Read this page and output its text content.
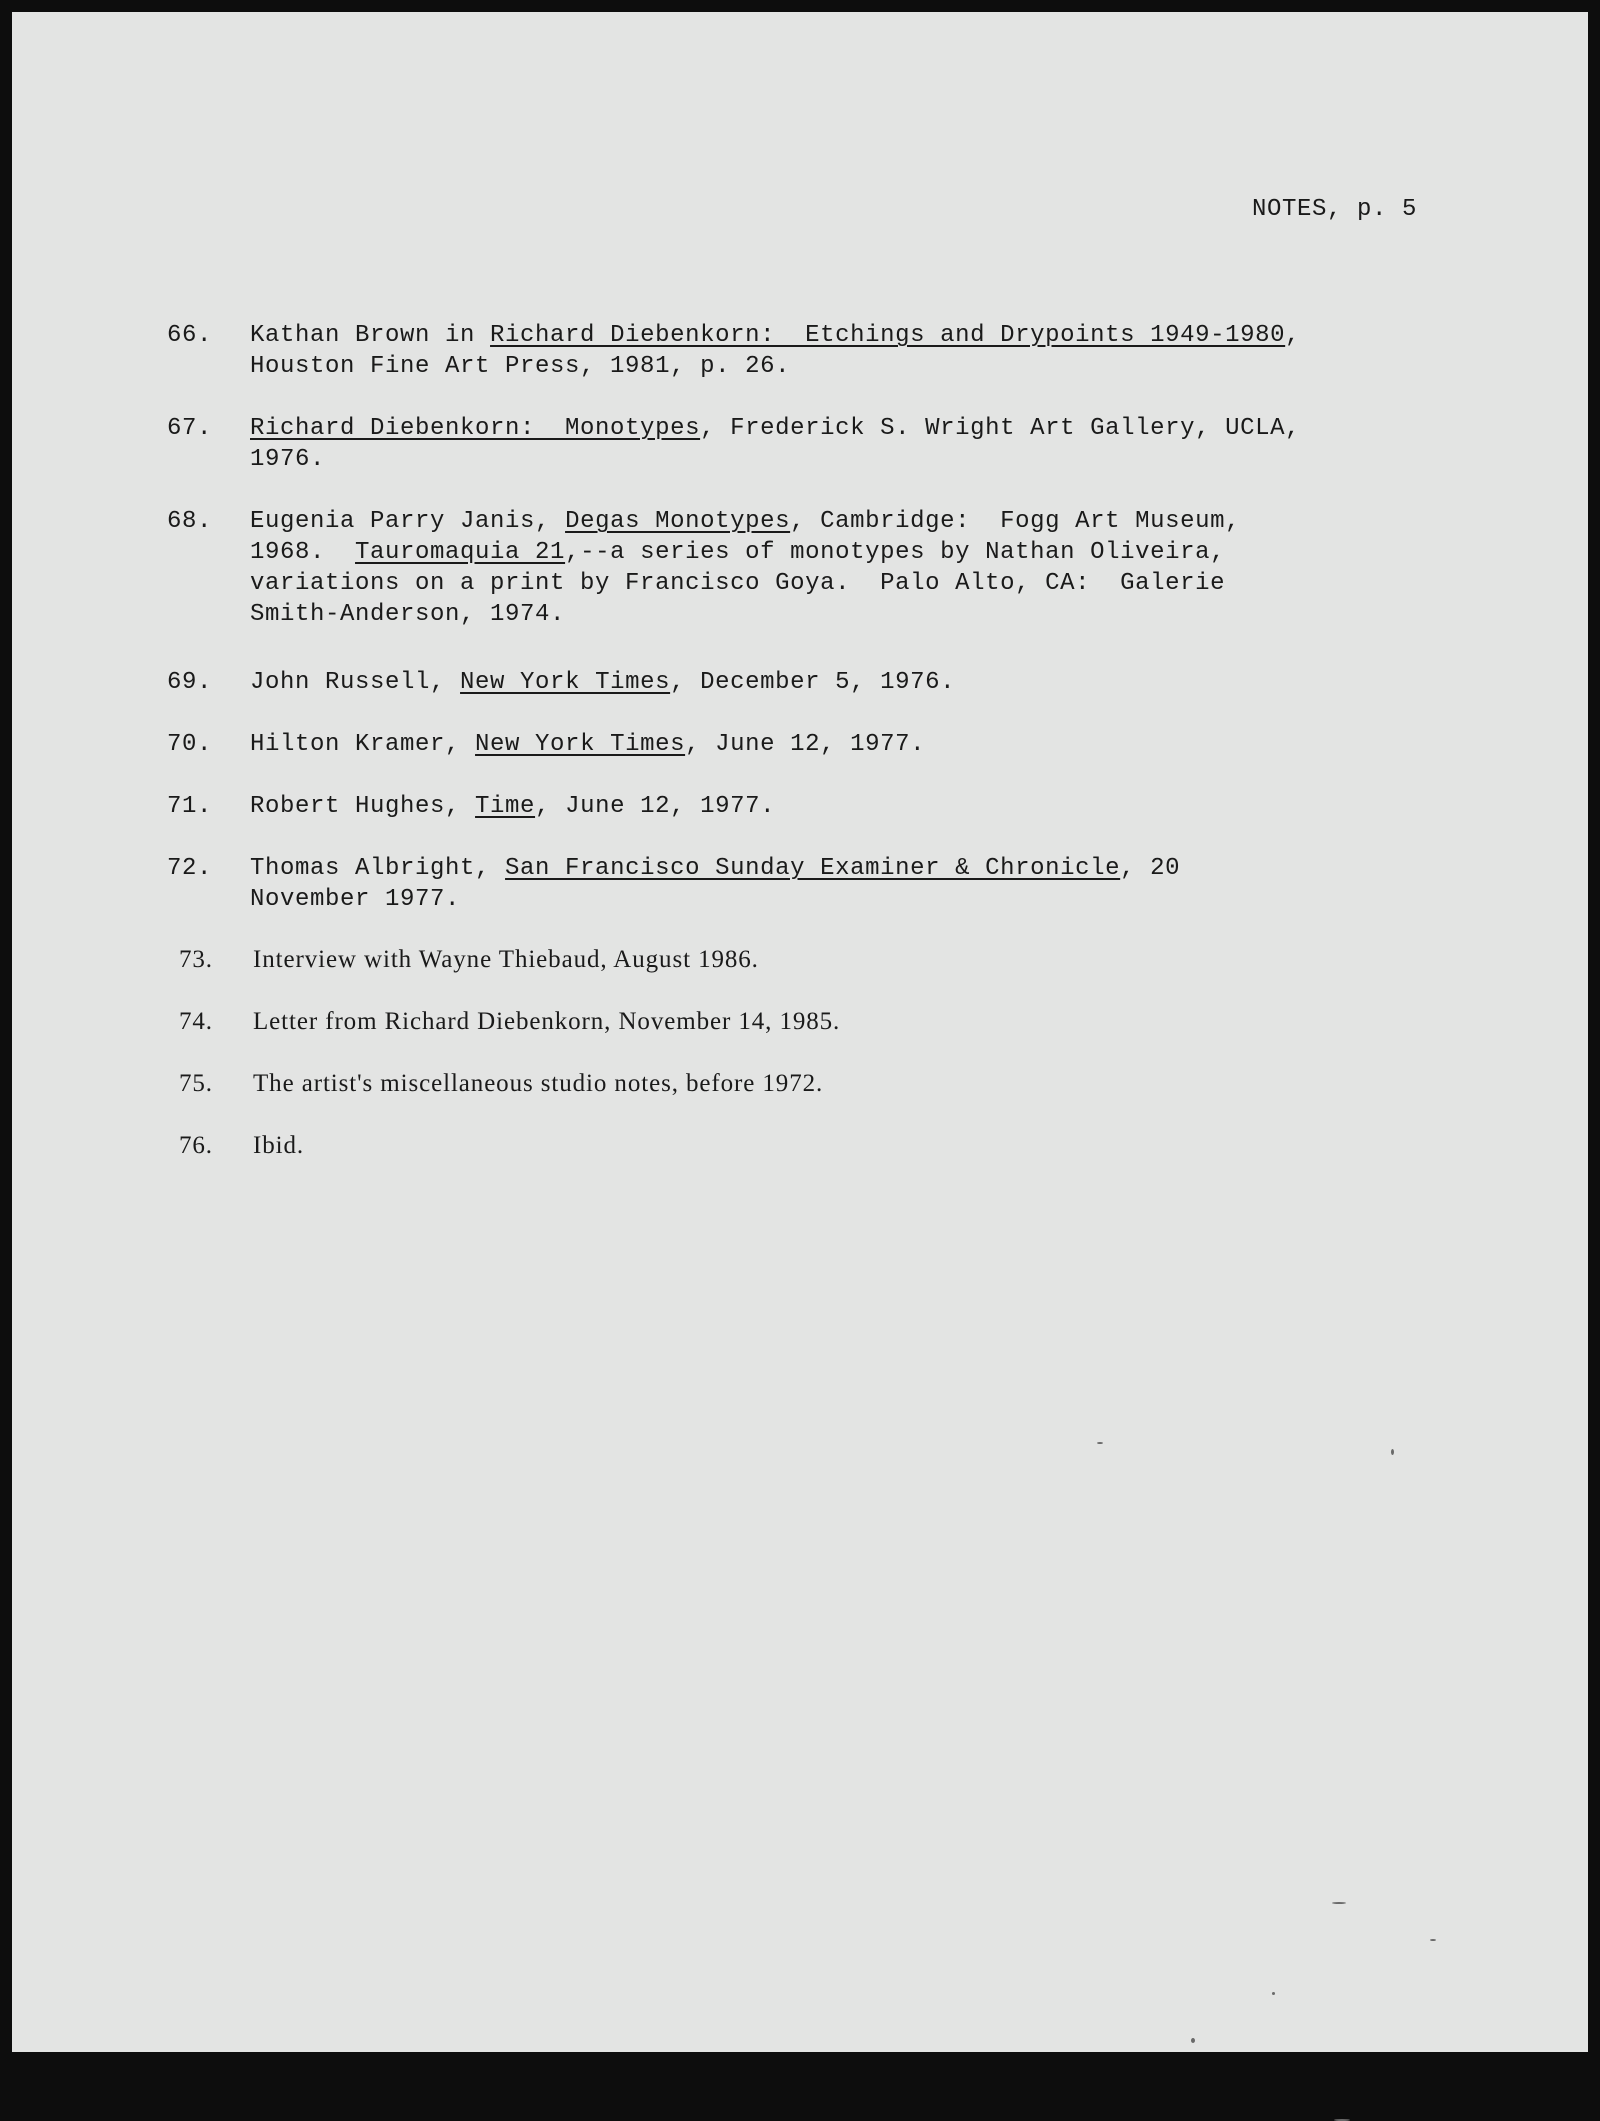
NOTES, p. 5
66.	Kathan Brown in Richard Diebenkorn:  Etchings and Drypoints 1949-1980,
Houston Fine Art Press, 1981, p. 26.
67.	Richard Diebenkorn:  Monotypes, Frederick S. Wright Art Gallery, UCLA,
1976.
68.	Eugenia Parry Janis, Degas Monotypes, Cambridge:  Fogg Art Museum,
1968.  Tauromaquia 21,--a series of monotypes by Nathan Oliveira,
variations on a print by Francisco Goya.  Palo Alto, CA:  Galerie
Smith-Anderson, 1974.
69.	John Russell, New York Times, December 5, 1976.
70.	Hilton Kramer, New York Times, June 12, 1977.
71.	Robert Hughes, Time, June 12, 1977.
72.	Thomas Albright, San Francisco Sunday Examiner & Chronicle, 20
November 1977.
73.	Interview with Wayne Thiebaud, August 1986.
74.	Letter from Richard Diebenkorn, November 14, 1985.
75.	The artist's miscellaneous studio notes, before 1972.
76.	Ibid.
